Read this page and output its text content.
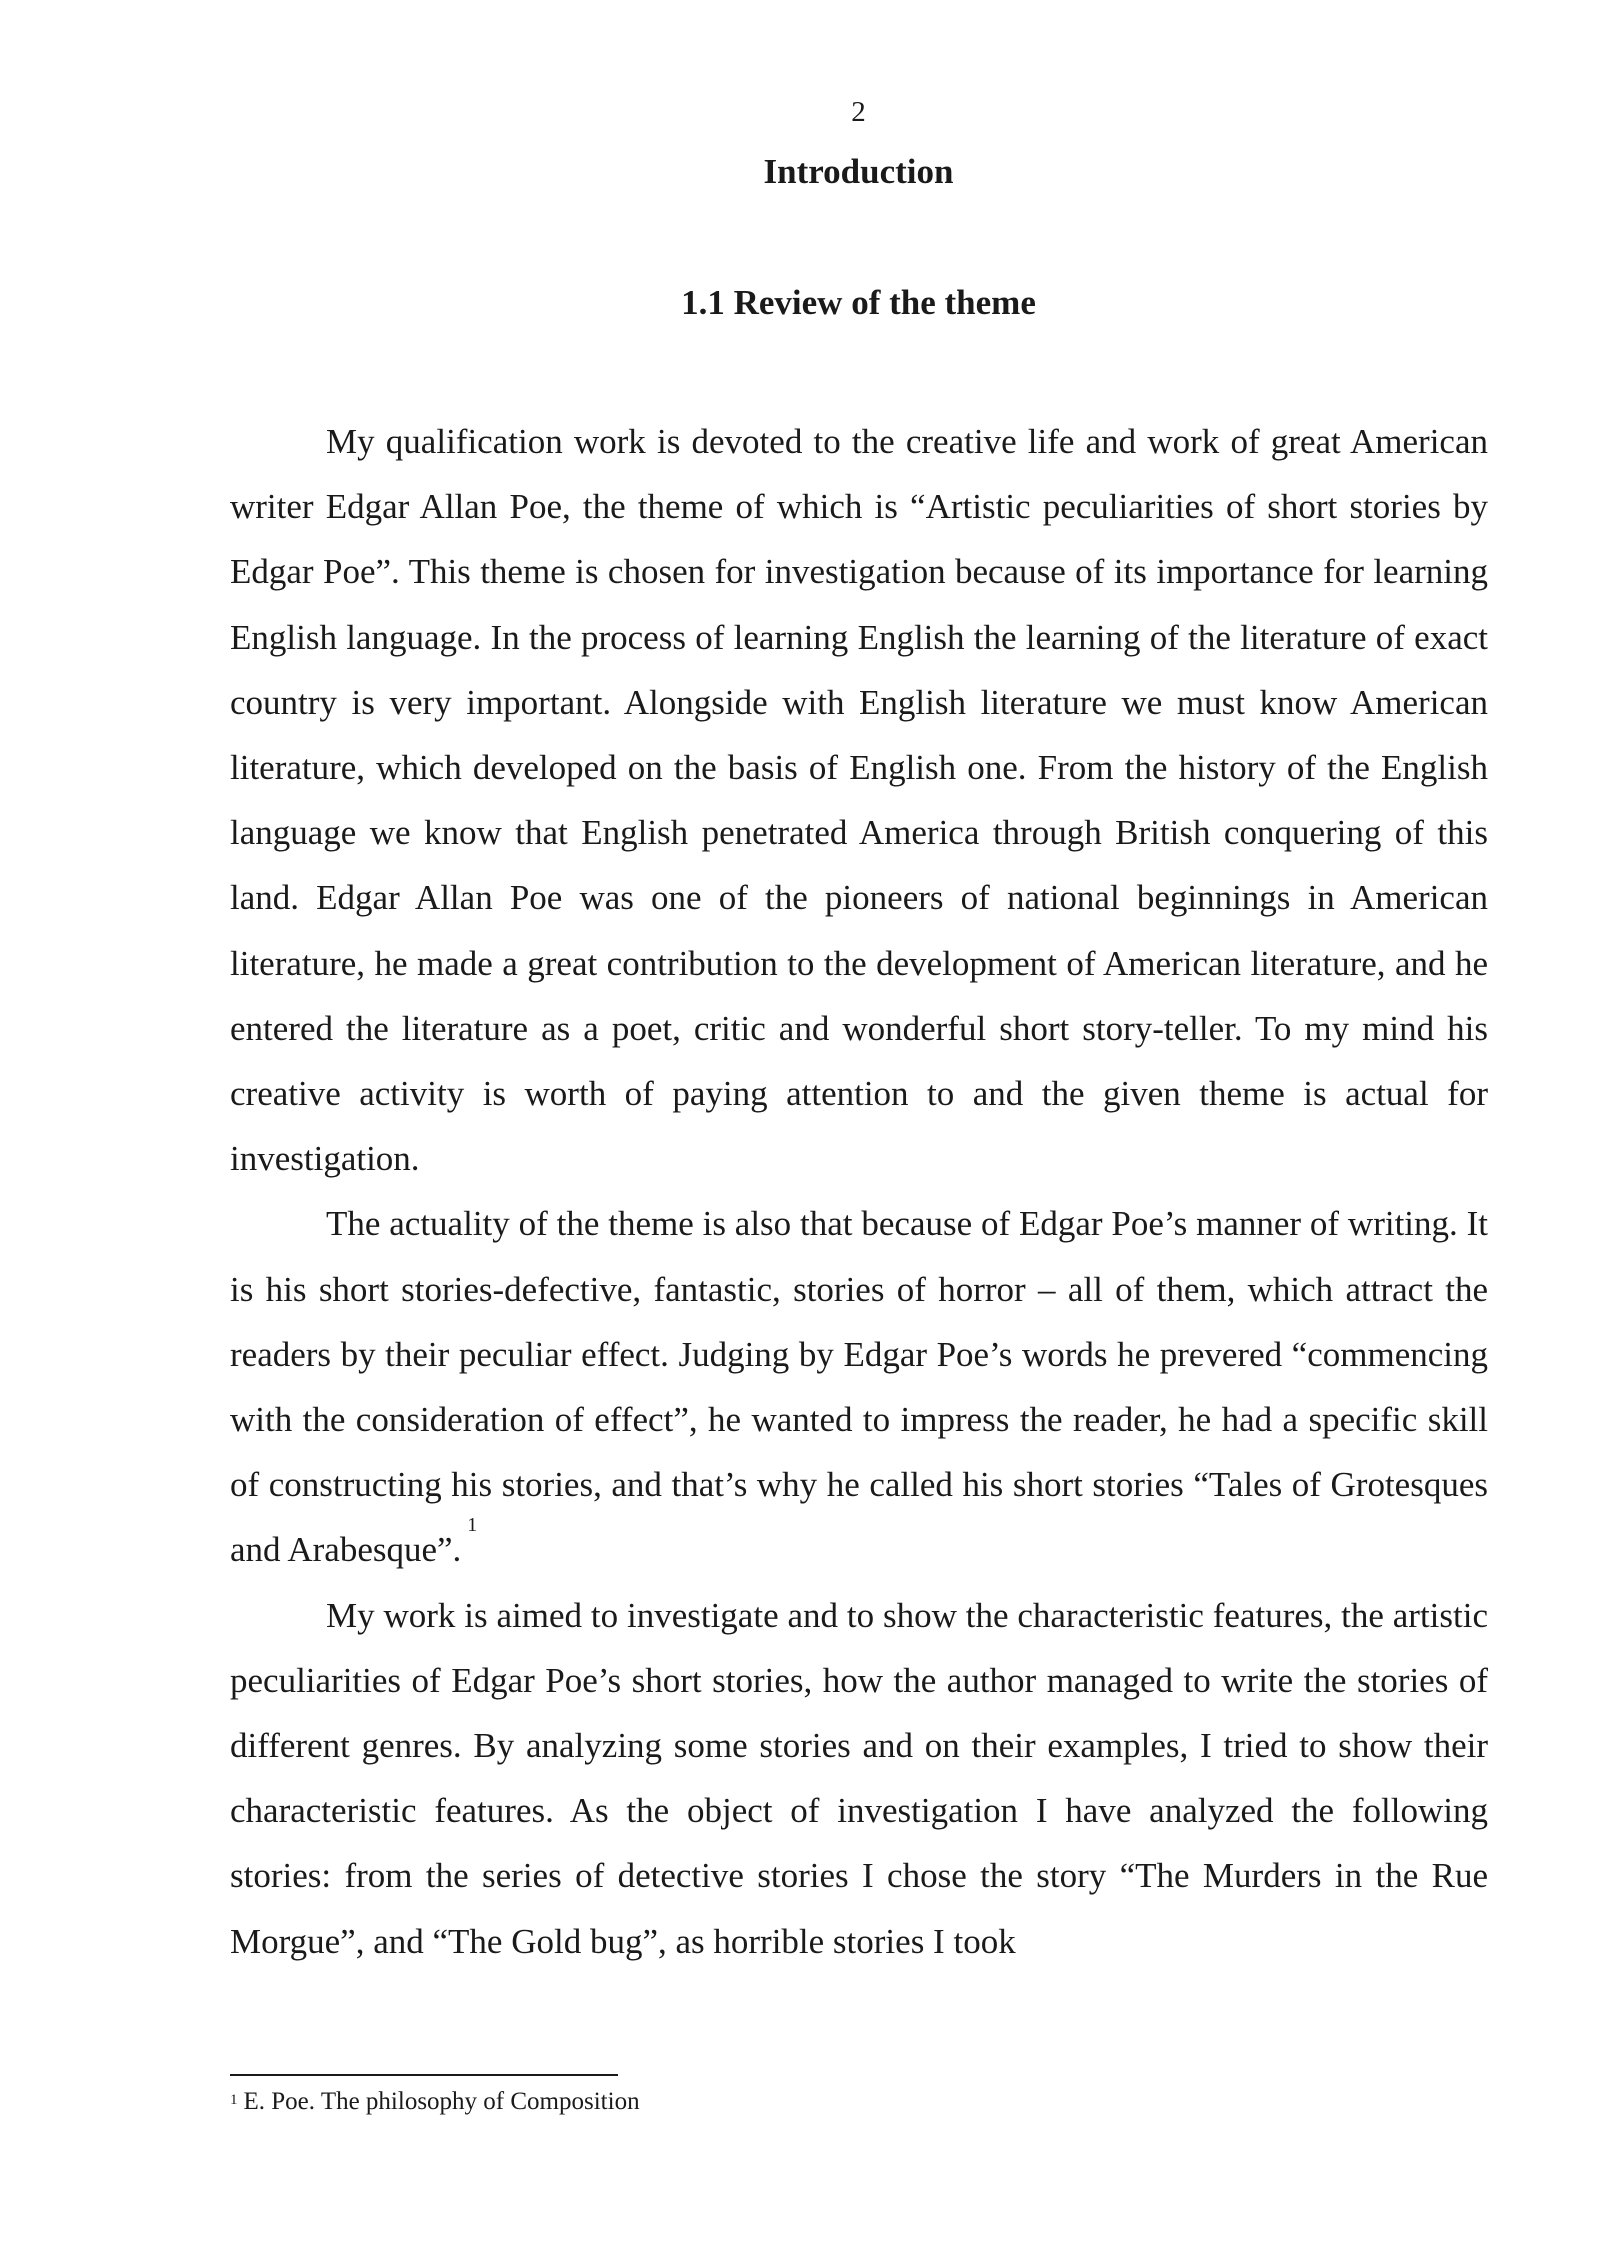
2
Introduction
1.1 Review of the theme

My qualification work is devoted to the creative life and work of great American writer Edgar Allan Poe, the theme of which is “Artistic peculiarities of short stories by Edgar Poe”. This theme is chosen for investigation because of its importance for learning English language. In the process of learning English the learning of the literature of exact country is very important. Alongside with English literature we must know American literature, which developed on the basis of English one. From the history of the English language we know that English penetrated America through British conquering of this land. Edgar Allan Poe was one of the pioneers of national beginnings in American literature, he made a great contribution to the development of American literature, and he entered the literature as a poet, critic and wonderful short story-teller. To my mind his creative activity is worth of paying attention to and the given theme is actual for investigation.

The actuality of the theme is also that because of Edgar Poe’s manner of writing. It is his short stories-defective, fantastic, stories of horror – all of them, which attract the readers by their peculiar effect. Judging by Edgar Poe’s words he prevered “commencing with the consideration of effect”, he wanted to impress the reader, he had a specific skill of constructing his stories, and that’s why he called his short stories “Tales of Grotesques and Arabesque”.$^1$

My work is aimed to investigate and to show the characteristic features, the artistic peculiarities of Edgar Poe’s short stories, how the author managed to write the stories of different genres. By analyzing some stories and on their examples, I tried to show their characteristic features. As the object of investigation I have analyzed the following stories: from the series of detective stories I chose the story “The Murders in the Rue Morgue”, and “The Gold bug”, as horrible stories I took

$^1$ E. Poe. The philosophy of Composition
